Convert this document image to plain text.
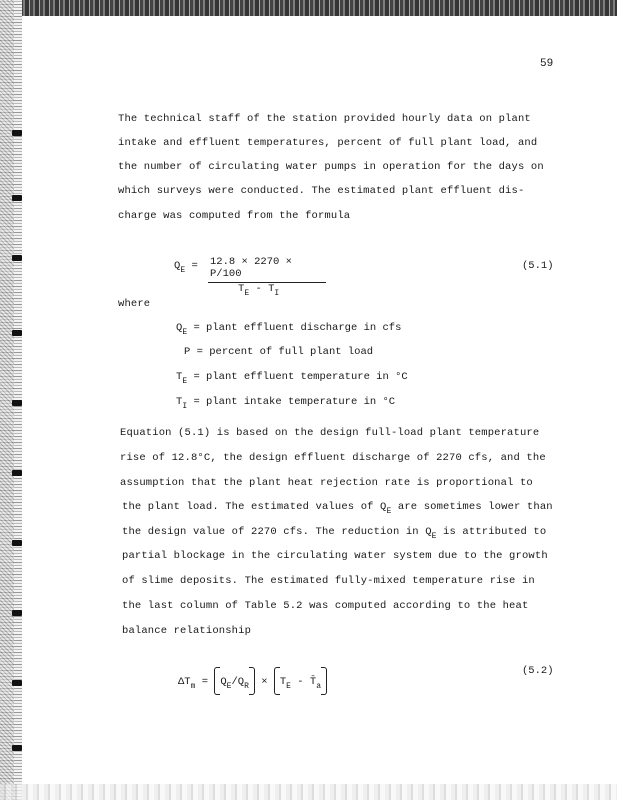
59
The technical staff of the station provided hourly data on plant
intake and effluent temperatures, percent of full plant load, and
the number of circulating water pumps in operation for the days on
which surveys were conducted. The estimated plant effluent dis-
charge was computed from the formula
$Q_E = 12.8 \times 2270 \times P/100$
$T_E - T_I$
(5.1)
where
$Q_E$ = plant effluent discharge in cfs
P = percent of full plant load
$T_E$ = plant effluent temperature in °C
$T_I$ = plant intake temperature in °C
Equation (5.1) is based on the design full-load plant temperature
rise of 12.8°C, the design effluent discharge of 2270 cfs, and the
assumption that the plant heat rejection rate is proportional to
the plant load. The estimated values of $Q_E$ are sometimes lower than
the design value of 2270 cfs. The reduction in $Q_E$ is attributed to
partial blockage in the circulating water system due to the growth
of slime deposits. The estimated fully-mixed temperature rise in
the last column of Table 5.2 was computed according to the heat
balance relationship
$\Delta T_m = Q_E/Q_R \times T_E$ - $T̄_a$
(5.2)
